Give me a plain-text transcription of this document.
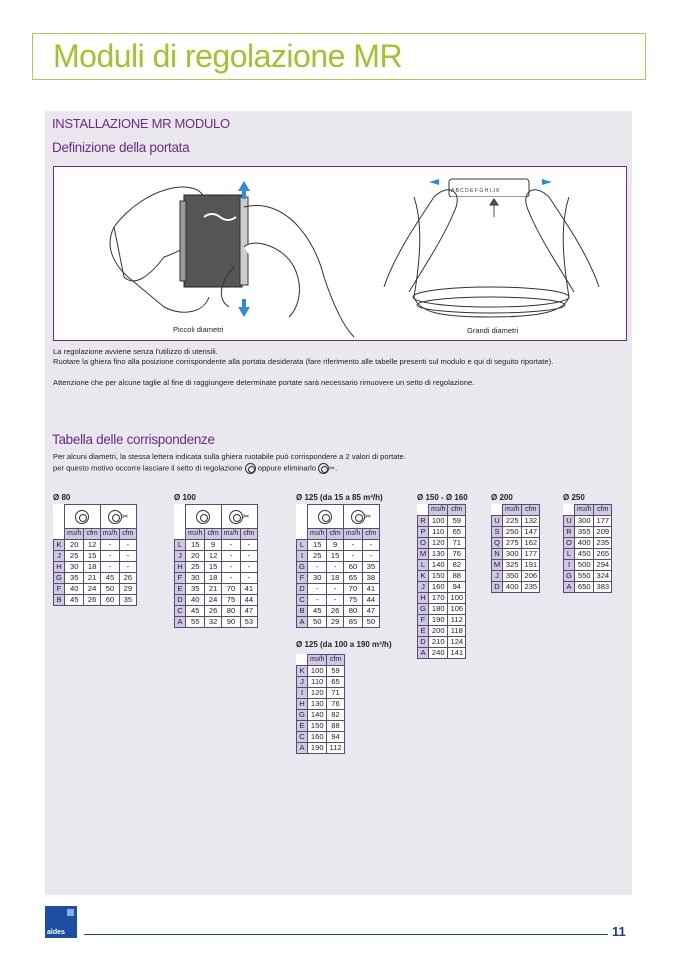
Moduli di regolazione MR
INSTALLAZIONE MR MODULO
Definizione della portata
Piccoli diametri
A B C D E F G H I J K
Grandi diametri
La regolazione avviene senza l'utilizzo di utensili.
Ruotare la ghiera fino alla posizione corrispondente alla portata desiderata (fare riferimento alle tabelle presenti sul modulo e qui di seguito riportate).
Attenzione che per alcune taglie al fine di raggiungere determinate portate sarà necessario rimuovere un setto di regolazione.
Tabella delle corrispondenze
Per alcuni diametri, la stessa lettera indicata sulla ghiera ruotabile può corrispondere a 2 valori di portate.
per questo motivo occorre lasciare il setto di regolazione oppure eliminarlo ✂.
Ø 80	Ø 100	Ø 125 (da 15 a 85 m³/h)	Ø 150 - Ø 160	Ø 200	Ø 250
Ø 125 (da 100 a 190 m³/h)
			✂	
	$m^3/h$	cfm	$m^3/h$	cfm
K	20	12	-	-
J	25	15	-	-
H	30	18	-	-
G	35	21	45	26
F	40	24	50	29
B	45	26	60	35
			✂	
	$m^3/h$	cfm	$m^3/h$	cfm
L	15	9	-	-
J	20	12	-	-
H	25	15	-	-
F	30	18	-	-
E	35	21	70	41
D	40	24	75	44
C	45	26	80	47
A	55	32	90	53
			✂	
	$m^3/h$	cfm	$m^3/h$	cfm
L	15	9	-	-
I	25	15	-	-
G	-	-	60	35
F	30	18	65	38
D	-	-	70	41
C	-	-	75	44
B	45	26	80	47
A	50	29	85	50
	$m^3/h$	cfm
R	100	59
P	110	65
O	120	71
M	130	76
L	140	82
K	150	88
J	160	94
H	170	100
G	180	106
F	190	112
E	200	118
D	210	124
A	240	141
	$m^3/h$	cfm
U	225	132
S	250	147
Q	275	162
N	300	177
M	325	191
J	350	206
D	400	235
	$m^3/h$	cfm
U	300	177
R	355	209
O	400	235
L	450	265
I	500	294
G	550	324
A	650	383
	$m^3/h$	cfm
K	100	59
J	110	65
I	120	71
H	130	76
G	140	82
E	150	88
C	160	94
A	190	112
aldes	11
